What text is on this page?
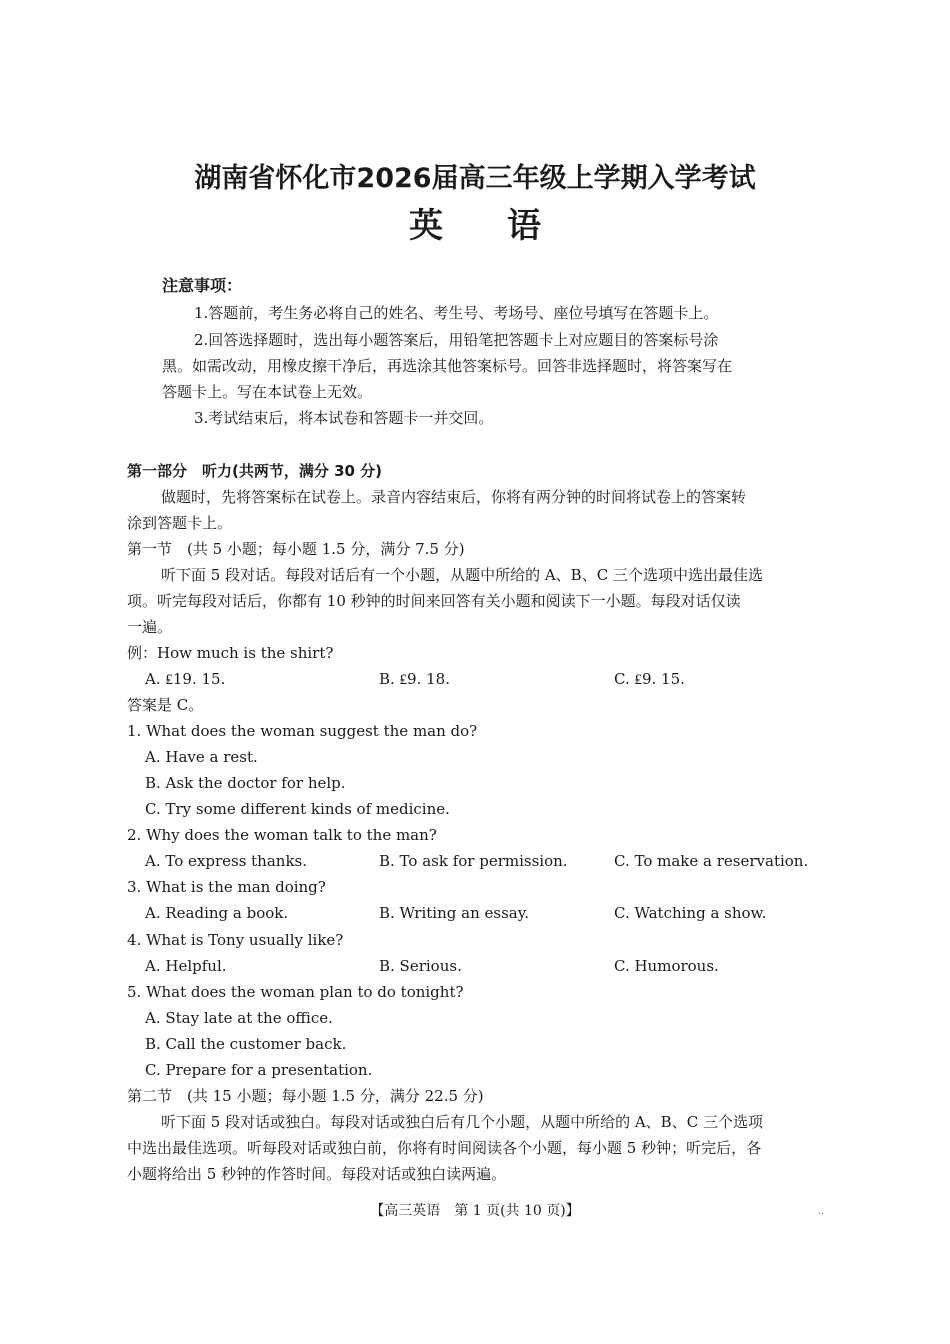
湖南省怀化市2026届高三年级上学期入学考试
英语
注意事项：
1.答题前，考生务必将自己的姓名、考生号、考场号、座位号填写在答题卡上。
2.回答选择题时，选出每小题答案后，用铅笔把答题卡上对应题目的答案标号涂
黑。如需改动，用橡皮擦干净后，再选涂其他答案标号。回答非选择题时，将答案写在
答题卡上。写在本试卷上无效。
3.考试结束后，将本试卷和答题卡一并交回。
第一部分　听力(共两节，满分 30 分)
做题时，先将答案标在试卷上。录音内容结束后，你将有两分钟的时间将试卷上的答案转
涂到答题卡上。
第一节　(共 5 小题；每小题 1.5 分，满分 7.5 分)
听下面 5 段对话。每段对话后有一个小题，从题中所给的 A、B、C 三个选项中选出最佳选
项。听完每段对话后，你都有 10 秒钟的时间来回答有关小题和阅读下一小题。每段对话仅读
一遍。
例：How much is the shirt?
A. ₤19. 15.	B. ₤9. 18.	C. ₤9. 15.
答案是 C。
1. What does the woman suggest the man do?
A. Have a rest.
B. Ask the doctor for help.
C. Try some different kinds of medicine.
2. Why does the woman talk to the man?
A. To express thanks.	B. To ask for permission.	C. To make a reservation.
3. What is the man doing?
A. Reading a book.	B. Writing an essay.	C. Watching a show.
4. What is Tony usually like?
A. Helpful.	B. Serious.	C. Humorous.
5. What does the woman plan to do tonight?
A. Stay late at the office.
B. Call the customer back.
C. Prepare for a presentation.
第二节　(共 15 小题；每小题 1.5 分，满分 22.5 分)
听下面 5 段对话或独白。每段对话或独白后有几个小题，从题中所给的 A、B、C 三个选项
中选出最佳选项。听每段对话或独白前，你将有时间阅读各个小题，每小题 5 秒钟；听完后，各
小题将给出 5 秒钟的作答时间。每段对话或独白读两遍。
【高三英语　第 1 页(共 10 页)】	..
